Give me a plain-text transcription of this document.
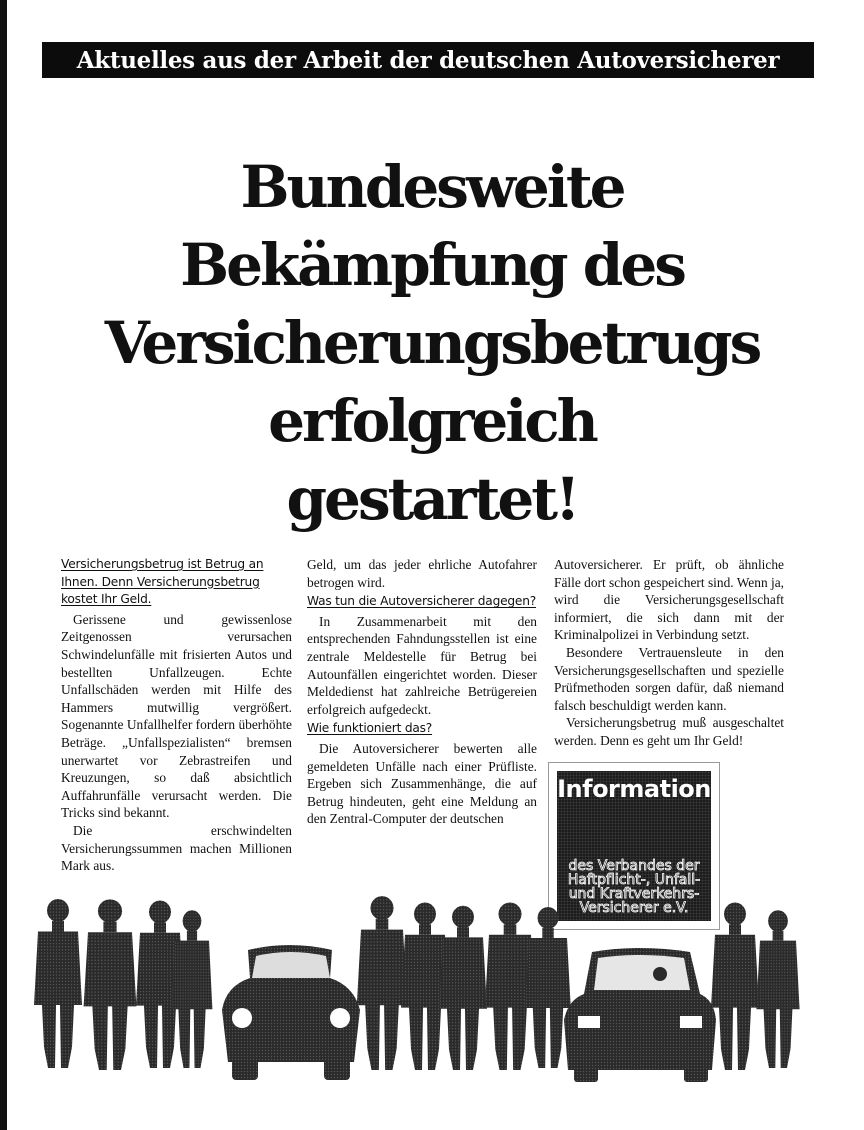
Aktuelles aus der Arbeit der deutschen Autoversicherer
Bundesweite
Bekämpfung des
Versicherungsbetrugs
erfolgreich
gestartet!

Versicherungsbetrug ist Betrug an Ihnen. Denn Versicherungsbetrug kostet Ihr Geld.

Gerissene und gewissenlose Zeitgenossen verursachen Schwindelunfälle mit frisierten Autos und bestellten Unfallzeugen. Echte Unfallschäden werden mit Hilfe des Hammers mutwillig vergrößert. Sogenannte Unfallhelfer fordern überhöhte Beträge. „Unfallspezialisten“ bremsen unerwartet vor Zebrastreifen und Kreuzungen, so daß absichtlich Auffahrunfälle verursacht werden. Die Tricks sind bekannt.

Die erschwindelten Versicherungssummen machen Millionen Mark aus.

Geld, um das jeder ehrliche Autofahrer betrogen wird.

Was tun die Autoversicherer dagegen?

In Zusammenarbeit mit den entsprechenden Fahndungsstellen ist eine zentrale Meldestelle für Betrug bei Autounfällen eingerichtet worden. Dieser Meldedienst hat zahlreiche Betrügereien erfolgreich aufgedeckt.

Wie funktioniert das?

Die Autoversicherer bewerten alle gemeldeten Unfälle nach einer Prüfliste. Ergeben sich Zusammenhänge, die auf Betrug hindeuten, geht eine Meldung an den Zentral-Computer der deutschen

Autoversicherer. Er prüft, ob ähnliche Fälle dort schon gespeichert sind. Wenn ja, wird die Versicherungsgesellschaft informiert, die sich dann mit der Kriminalpolizei in Verbindung setzt.

Besondere Vertrauensleute in den Versicherungsgesellschaften und spezielle Prüfmethoden sorgen dafür, daß niemand falsch beschuldigt werden kann.

Versicherungsbetrug muß ausgeschaltet werden. Denn es geht um Ihr Geld!

Information
des Verbandes der
Haftpflicht-, Unfall-
und Kraftverkehrs-
Versicherer e.V.
